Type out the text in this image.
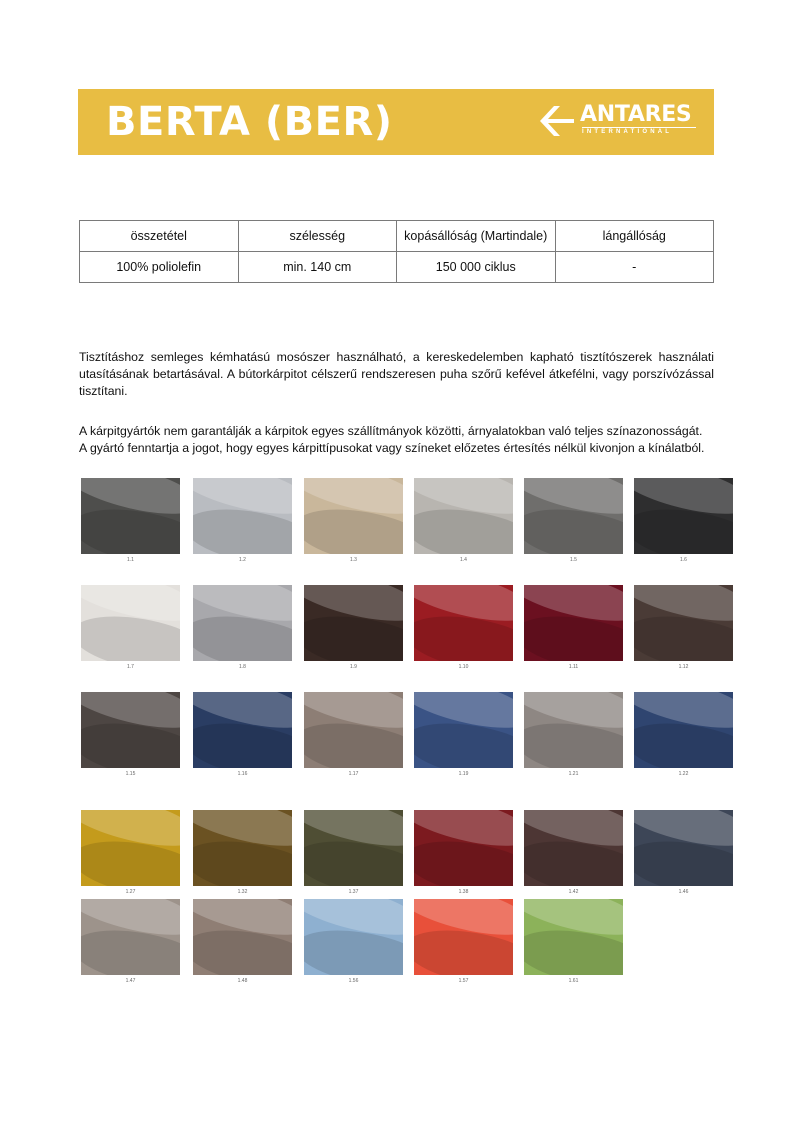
BERTA (BER)	ANTARES
INTERNATIONAL
összetétel	szélesség	kopásállóság (Martindale)	lángállóság
100% poliolefin	min. 140 cm	150 000 ciklus	-
Tisztításhoz semleges kémhatású mosószer használható, a kereskedelemben kapható tisztítószerek használati utasításának betartásával. A bútorkárpitot célszerű rendszeresen puha szőrű kefével átkefélni, vagy porszívózással tisztítani.
A kárpitgyártók nem garantálják a kárpitok egyes szállítmányok közötti, árnyalatokban való teljes színazonosságát.
A gyártó fenntartja a jogot, hogy egyes kárpittípusokat vagy színeket előzetes értesítés nélkül kivonjon a kínálatból.
1.1	1.2	1.3	1.4	1.5	1.6
1.7	1.8	1.9	1.10	1.11	1.12
1.15	1.16	1.17	1.19	1.21	1.22
1.27	1.32	1.37	1.38	1.42	1.46
1.47	1.48	1.56	1.57	1.61
